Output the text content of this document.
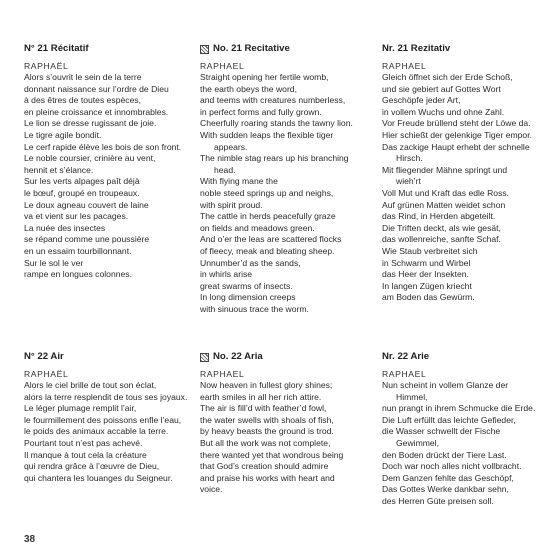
N° 21 Récitatif
RAPHAËL
Alors s’ouvrit le sein de la terre
donnant naissance sur l’ordre de Dieu
à des êtres de toutes espèces,
en pleine croissance et innombrables.
Le lion se dresse rugissant de joie.
Le tigre agile bondit.
Le cerf rapide élève les bois de son front.
Le noble coursier, crinière au vent,
hennit et s’élance.
Sur les verts alpages paît déjà
le bœuf, groupé en troupeaux.
Le doux agneau couvert de laine
va et vient sur les pacages.
La nuée des insectes
se répand comme une poussière
en un essaim tourbillonnant.
Sur le sol le ver
rampe en longues colonnes.
No. 21 Recitative
RAPHAEL
Straight opening her fertile womb,
the earth obeys the word,
and teems with creatures numberless,
in perfect forms and fully grown.
Cheerfully roaring stands the tawny lion.
With sudden leaps the flexible tiger
appears.
The nimble stag rears up his branching
head.
With flying mane the
noble steed springs up and neighs,
with spirit proud.
The cattle in herds peacefully graze
on fields and meadows green.
And o’er the leas are scattered flocks
of fleecy, meak and bleating sheep.
Unnumber’d as the sands,
in whirls arise
great swarms of insects.
In long dimension creeps
with sinuous trace the worm.
Nr. 21 Rezitativ
RAPHAEL
Gleich öffnet sich der Erde Schoß,
und sie gebiert auf Gottes Wort
Geschöpfe jeder Art,
in vollem Wuchs und ohne Zahl.
Vor Freude brüllend steht der Löwe da.
Hier schießt der gelenkige Tiger empor.
Das zackige Haupt erhebt der schnelle
Hirsch.
Mit fliegender Mähne springt und
wieh’rt
Voll Mut und Kraft das edle Ross.
Auf grünen Matten weidet schon
das Rind, in Herden abgeteilt.
Die Triften deckt, als wie gesät,
das wollenreiche, sanfte Schaf.
Wie Staub verbreitet sich
in Schwarm und Wirbel
das Heer der Insekten.
In langen Zügen kriecht
am Boden das Gewürm.
N° 22 Air
RAPHAËL
Alors le ciel brille de tout son éclat,
alors la terre resplendit de tous ses joyaux.
Le léger plumage remplit l’air,
le fourmillement des poissons enfle l’eau,
le poids des animaux accable la terre.
Pourtant tout n’est pas achevé.
Il manque à tout cela la créature
qui rendra grâce à l’œuvre de Dieu,
qui chantera les louanges du Seigneur.
No. 22 Aria
RAPHAEL
Now heaven in fullest glory shines;
earth smiles in all her rich attire.
The air is fill’d with feather’d fowl,
the water swells with shoals of fish,
by heavy beasts the ground is trod.
But all the work was not complete,
there wanted yet that wondrous being
that God’s creation should admire
and praise his works with heart and
voice.
Nr. 22 Arie
RAPHAEL
Nun scheint in vollem Glanze der
Himmel,
nun prangt in ihrem Schmucke die Erde.
Die Luft erfüllt das leichte Gefieder,
die Wasser schwellt der Fische
Gewimmel,
den Boden drückt der Tiere Last.
Doch war noch alles nicht vollbracht.
Dem Ganzen fehlte das Geschöpf,
Das Gottes Werke dankbar sehn,
des Herren Güte preisen soll.
38
